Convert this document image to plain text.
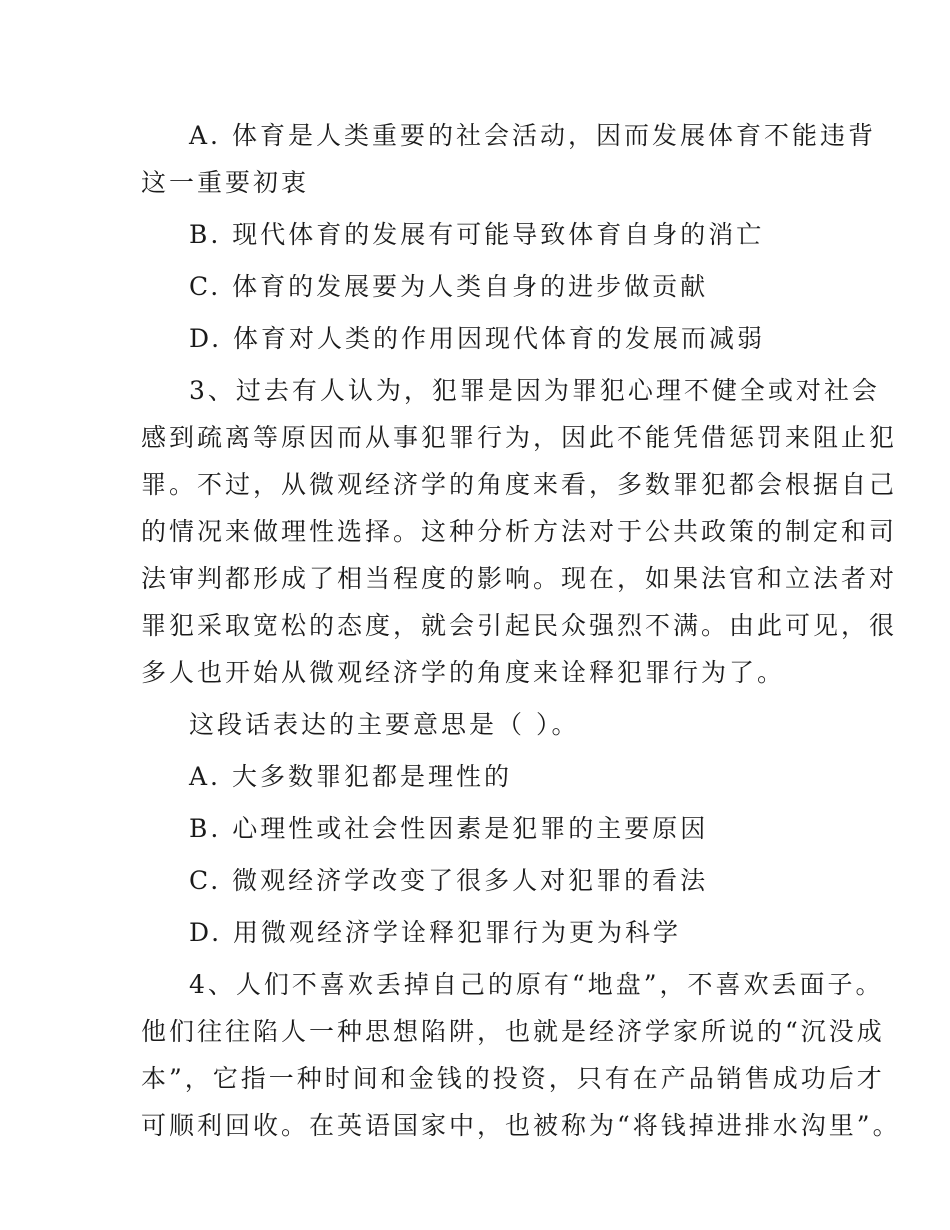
A. 体育是人类重要的社会活动，因而发展体育不能违背
这一重要初衷
B. 现代体育的发展有可能导致体育自身的消亡
C. 体育的发展要为人类自身的进步做贡献
D. 体育对人类的作用因现代体育的发展而减弱
3、过去有人认为，犯罪是因为罪犯心理不健全或对社会
感到疏离等原因而从事犯罪行为，因此不能凭借惩罚来阻止犯
罪。不过，从微观经济学的角度来看，多数罪犯都会根据自己
的情况来做理性选择。这种分析方法对于公共政策的制定和司
法审判都形成了相当程度的影响。现在，如果法官和立法者对
罪犯采取宽松的态度，就会引起民众强烈不满。由此可见，很
多人也开始从微观经济学的角度来诠释犯罪行为了。
这段话表达的主要意思是（ ）。
A. 大多数罪犯都是理性的
B. 心理性或社会性因素是犯罪的主要原因
C. 微观经济学改变了很多人对犯罪的看法
D. 用微观经济学诠释犯罪行为更为科学
4、人们不喜欢丢掉自己的原有“地盘”，不喜欢丢面子。
他们往往陷人一种思想陷阱，也就是经济学家所说的“沉没成
本”，它指一种时间和金钱的投资，只有在产品销售成功后才
可顺利回收。在英语国家中，也被称为“将钱掉进排水沟里”。
